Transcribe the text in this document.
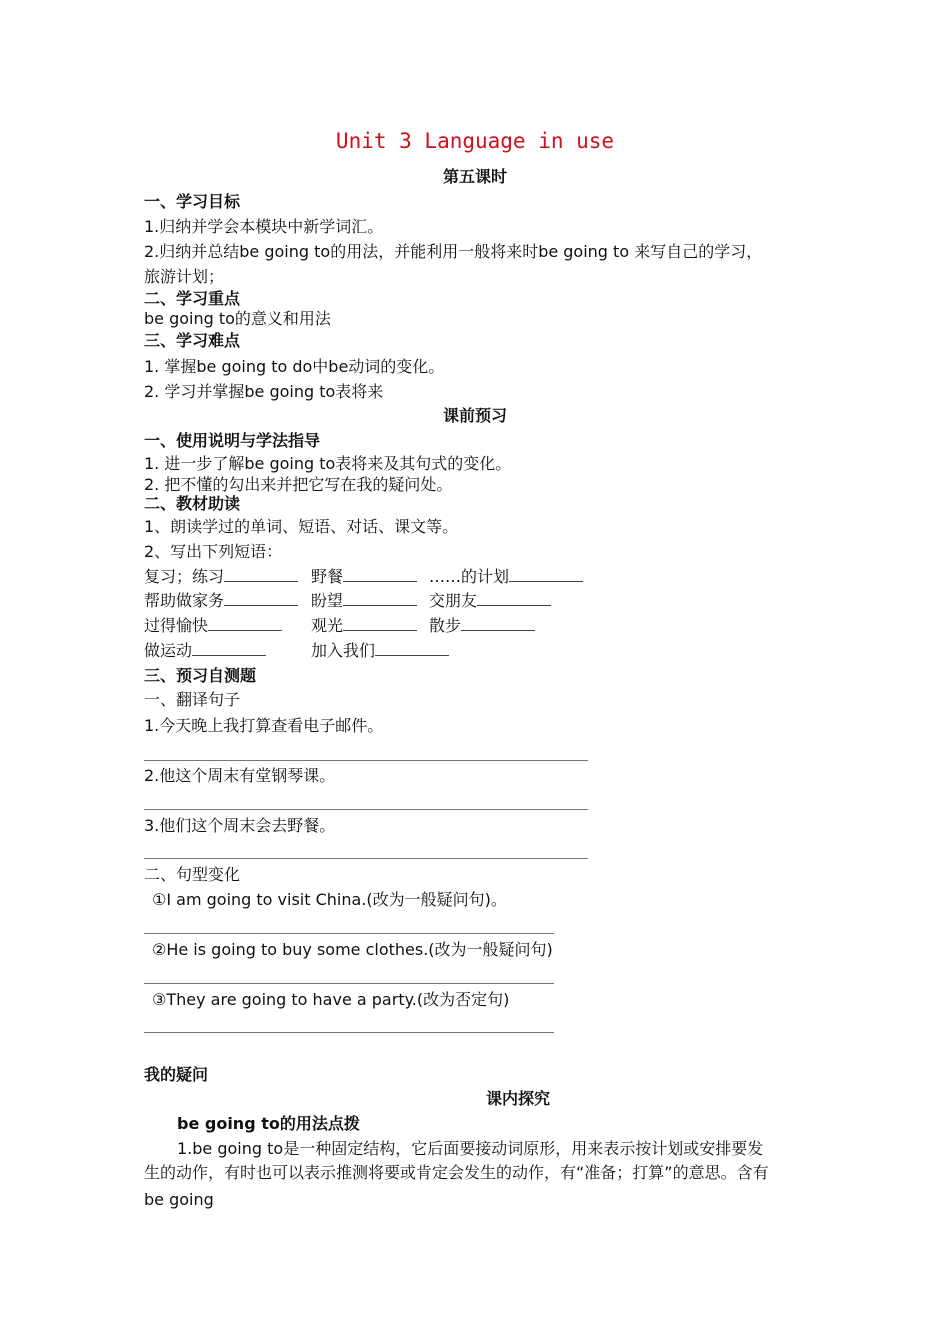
Unit 3 Language in use
第五课时
一、学习目标
1.归纳并学会本模块中新学词汇。
2.归纳并总结be going to的用法，并能利用一般将来时be going to 来写自己的学习，
旅游计划；
二、学习重点
be going to的意义和用法
三、学习难点
1. 掌握be going to do中be动词的变化。
2. 学习并掌握be going to表将来
课前预习
一、使用说明与学法指导
1. 进一步了解be going to表将来及其句式的变化。
2. 把不懂的勾出来并把它写在我的疑问处。
二、教材助读
1、朗读学过的单词、短语、对话、课文等。
2、写出下列短语：
复习；练习	野餐	……的计划
帮助做家务	盼望	交朋友
过得愉快	观光	散步
做运动	加入我们
三、预习自测题
一、翻译句子
1.今天晚上我打算查看电子邮件。
2.他这个周末有堂钢琴课。
3.他们这个周末会去野餐。
二、句型变化
①I am going to visit China.(改为一般疑问句)。
②He is going to buy some clothes.(改为一般疑问句)
③They are going to have a party.(改为否定句)
我的疑问
课内探究
be going to的用法点拨
1.be going to是一种固定结构，它后面要接动词原形，用来表示按计划或安排要发
生的动作，有时也可以表示推测将要或肯定会发生的动作，有“准备；打算”的意思。含有
be going
